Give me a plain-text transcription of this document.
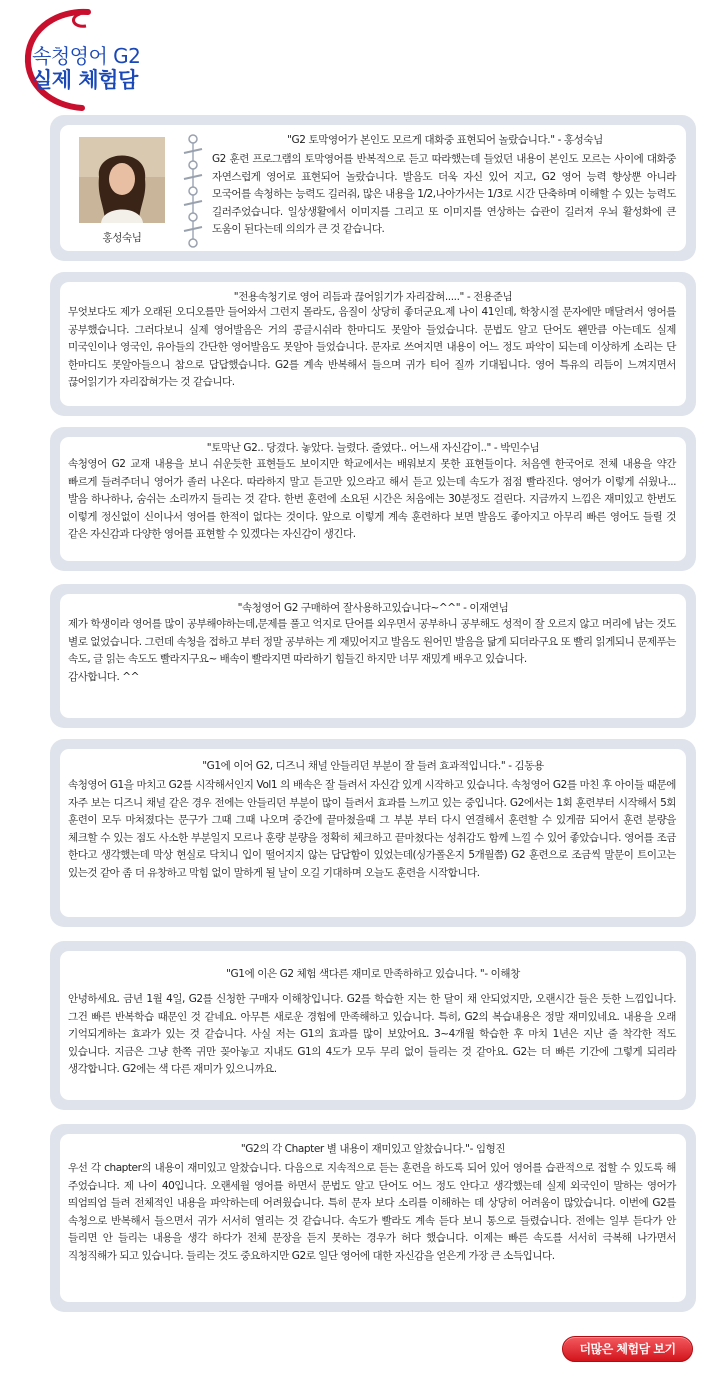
속청영어 G2
실제 체험담
홍성숙님
"G2 토막영어가 본인도 모르게 대화중 표현되어 놀랐습니다." - 홍성숙님
G2 훈련 프로그램의 토막영어를 반복적으로 듣고 따라했는데 들었던 내용이 본인도 모르는 사이에 대화중 자연스럽게 영어로 표현되어 놀랐습니다. 발음도 더욱 자신 있어 지고, G2 영어 능력 향상뿐 아니라 모국어를 속청하는 능력도 길러줘, 많은 내용을 1/2,나아가서는 1/3로 시간 단축하며 이해할 수 있는 능력도 길러주었습니다. 일상생활에서 이미지를 그리고 또 이미지를 연상하는 습관이 길러져 우뇌 활성화에 큰 도움이 된다는데 의의가 큰 것 같습니다.
"전용속청기로 영어 리듬과 끊어읽기가 자리잡혀....." - 전용준님
무엇보다도 제가 오래된 오디오를만 들어와서 그런지 몰라도, 음질이 상당히 좋더군요.제 나이 41인데, 학창시절 문자에만 매달려서 영어를 공부했습니다. 그러다보니 실제 영어발음은 거의 콩글시쉬라 한마디도 못알아 들었습니다. 문법도 알고 단어도 왠만큼 아는데도 실제 미국인이나 영국인, 유아들의 간단한 영어발음도 못알아 들었습니다. 문자로 쓰여지면 내용이 어느 정도 파악이 되는데 이상하게 소리는 단 한마디도 못알아들으니 참으로 답답했습니다. G2를 계속 반복해서 들으며 귀가 티어 질까 기대됩니다. 영어 특유의 리듬이 느껴지면서 끊어읽기가 자리잡혀가는 것 같습니다.
"토막난 G2.. 당겼다. 놓았다. 늘렸다. 줄였다.. 어느새 자신감이.." - 박민수님
속청영어 G2 교재 내용을 보니 쉬운듯한 표현들도 보이지만 학교에서는 배워보지 못한 표현들이다. 처음엔 한국어로 전체 내용을 약간 빠르게 들려주더니 영어가 졸러 나온다. 따라하지 말고 듣고만 있으라고 해서 듣고 있는데 속도가 점점 빨라진다. 영어가 이렇게 쉬웠나... 발음 하나하나, 숨쉬는 소리까지 들리는 것 같다. 한번 훈련에 소요된 시간은 처음에는 30분정도 걸린다. 지금까지 느낌은 재미있고 한번도 이렇게 정신없이 신이나서 영어를 한적이 없다는 것이다. 앞으로 이렇게 계속 훈련하다 보면 발음도 좋아지고 아무리 빠른 영어도 들릴 것 같은 자신감과 다양한 영어를 표현할 수 있겠다는 자신감이 생긴다.
"속청영어 G2 구매하여 잘사용하고있습니다~^^" - 이재연님
제가 학생이라 영어를 많이 공부해야하는데,문제를 풀고 억지로 단어를 외우면서 공부하니 공부해도 성적이 잘 오르지 않고 머리에 남는 것도 별로 없었습니다. 그런데 속청을 접하고 부터 정말 공부하는 게 재밌어지고 발음도 원어민 발음을 닮게 되더라구요 또 빨리 읽게되니 문제푸는 속도, 글 읽는 속도도 빨라지구요~ 배속이 빨라지면 따라하기 힘들긴 하지만 너무 재밌게 배우고 있습니다.
감사합니다. ^^
"G1에 이어 G2, 디즈니 채널 안들리던 부분이 잘 들려 효과적입니다." - 김동용
속청영어 G1을 마치고 G2를 시작해서인지 Vol1 의 배속은 잘 들려서 자신감 있게 시작하고 있습니다. 속청영어 G2를 마친 후 아이들 때문에 자주 보는 디즈니 채널 같은 경우 전에는 안들리던 부분이 많이 들려서 효과를 느끼고 있는 중입니다. G2에서는 1회 훈련부터 시작해서 5회 훈련이 모두 마쳐졌다는 문구가 그때 그때 나오며 중간에 끝마쳤을때 그 부분 부터 다시 연결해서 훈련할 수 있게끔 되어서 훈련 분량을 체크할 수 있는 점도 사소한 부분일지 모르나 훈량 분량을 정확히 체크하고 끝마쳤다는 성취감도 함께 느낄 수 있어 좋았습니다. 영어를 조금 한다고 생각했는데 막상 현실로 닥치니 입이 떨어지지 않는 답답함이 있었는데(싱가폴온지 5개월쯤) G2 훈련으로 조금씩 말문이 트이고는 있는것 같아 좀 더 유창하고 막힘 없이 말하게 될 날이 오길 기대하며 오늘도 훈련을 시작합니다.
"G1에 이은 G2 체험 색다른 재미로 만족하하고 있습니다. "- 이해창
안녕하세요. 금년 1월 4일, G2를 신청한 구매자 이해창입니다. G2를 학습한 지는 한 달이 채 안되었지만, 오랜시간 들은 듯한 느낌입니다. 그건 빠른 반복학습 때문인 것 같네요. 아무튼 새로운 경험에 만족해하고 있습니다. 특히, G2의 복습내용은 정말 재미있네요. 내용을 오래 기억되게하는 효과가 있는 것 같습니다. 사실 저는 G1의 효과를 많이 보았어요. 3~4개월 학습한 후 마치 1년은 지난 줄 착각한 적도 있습니다. 지금은 그냥 한쪽 귀만 꽂아놓고 지내도 G1의 4도가 모두 무리 없이 들리는 것 같아요. G2는 더 빠른 기간에 그렇게 되리라 생각합니다. G2에는 색 다른 재미가 있으니까요.
"G2의 각 Chapter 별 내용이 재미있고 알찼습니다."- 임형진
우선 각 chapter의 내용이 재미있고 알찼습니다. 다음으로 지속적으로 듣는 훈련을 하도록 되어 있어 영어를 습관적으로 접할 수 있도록 해 주었습니다. 제 나이 40입니다. 오랜세월 영어를 하면서 문법도 알고 단어도 어느 정도 안다고 생각했는데 실제 외국인이 말하는 영어가 띄엄띄엄 들려 전체적인 내용을 파악하는데 어려웠습니다. 특히 문자 보다 소리를 이해하는 데 상당히 어려움이 많았습니다. 이번에 G2를 속청으로 반복해서 들으면서 귀가 서서히 열리는 것 같습니다. 속도가 빨라도 계속 듣다 보니 통으로 들렸습니다. 전에는 일부 듣다가 안 들리면 안 들리는 내용을 생각 하다가 전체 문장을 듣지 못하는 경우가 허다 했습니다. 이제는 빠른 속도를 서서히 극복해 나가면서 직청직해가 되고 있습니다. 들리는 것도 중요하지만 G2로 일단 영어에 대한 자신감을 얻은게 가장 큰 소득입니다.
더많은 체험담 보기
